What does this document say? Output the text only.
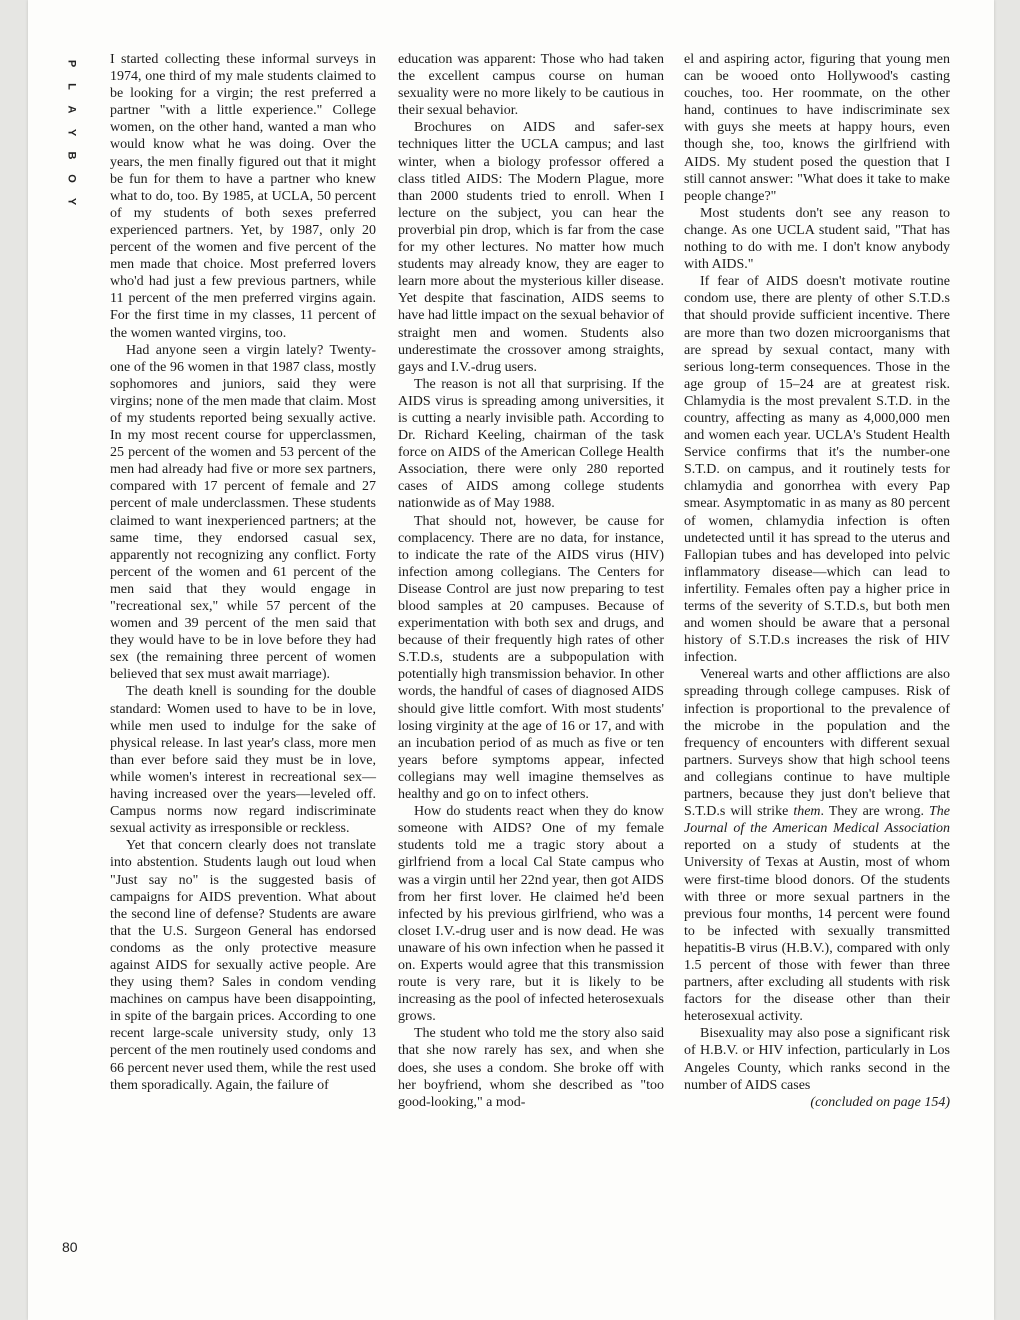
P
L
A
Y
B
O
Y

I started collecting these informal surveys in 1974, one third of my male students claimed to be looking for a virgin; the rest preferred a partner "with a little experience." College women, on the other hand, wanted a man who would know what he was doing. Over the years, the men finally figured out that it might be fun for them to have a partner who knew what to do, too. By 1985, at UCLA, 50 percent of my students of both sexes preferred experienced partners. Yet, by 1987, only 20 percent of the women and five percent of the men made that choice. Most preferred lovers who'd had just a few previous partners, while 11 percent of the men preferred virgins again. For the first time in my classes, 11 percent of the women wanted virgins, too.

Had anyone seen a virgin lately? Twenty-one of the 96 women in that 1987 class, mostly sophomores and juniors, said they were virgins; none of the men made that claim. Most of my students reported being sexually active. In my most recent course for upperclassmen, 25 percent of the women and 53 percent of the men had already had five or more sex partners, compared with 17 percent of female and 27 percent of male underclassmen. These students claimed to want inexperienced partners; at the same time, they endorsed casual sex, apparently not recognizing any conflict. Forty percent of the women and 61 percent of the men said that they would engage in "recreational sex," while 57 percent of the women and 39 percent of the men said that they would have to be in love before they had sex (the remaining three percent of women believed that sex must await marriage).

The death knell is sounding for the double standard: Women used to have to be in love, while men used to indulge for the sake of physical release. In last year's class, more men than ever before said they must be in love, while women's interest in recreational sex—having increased over the years—leveled off. Campus norms now regard indiscriminate sexual activity as irresponsible or reckless.

Yet that concern clearly does not translate into abstention. Students laugh out loud when "Just say no" is the suggested basis of campaigns for AIDS prevention. What about the second line of defense? Students are aware that the U.S. Surgeon General has endorsed condoms as the only protective measure against AIDS for sexually active people. Are they using them? Sales in condom vending machines on campus have been disappointing, in spite of the bargain prices. According to one recent large-scale university study, only 13 percent of the men routinely used condoms and 66 percent never used them, while the rest used them sporadically. Again, the failure of

education was apparent: Those who had taken the excellent campus course on human sexuality were no more likely to be cautious in their sexual behavior.

Brochures on AIDS and safer-sex techniques litter the UCLA campus; and last winter, when a biology professor offered a class titled AIDS: The Modern Plague, more than 2000 students tried to enroll. When I lecture on the subject, you can hear the proverbial pin drop, which is far from the case for my other lectures. No matter how much students may already know, they are eager to learn more about the mysterious killer disease. Yet despite that fascination, AIDS seems to have had little impact on the sexual behavior of straight men and women. Students also underestimate the crossover among straights, gays and I.V.-drug users.

The reason is not all that surprising. If the AIDS virus is spreading among universities, it is cutting a nearly invisible path. According to Dr. Richard Keeling, chairman of the task force on AIDS of the American College Health Association, there were only 280 reported cases of AIDS among college students nationwide as of May 1988.

That should not, however, be cause for complacency. There are no data, for instance, to indicate the rate of the AIDS virus (HIV) infection among collegians. The Centers for Disease Control are just now preparing to test blood samples at 20 campuses. Because of experimentation with both sex and drugs, and because of their frequently high rates of other S.T.D.s, students are a subpopulation with potentially high transmission behavior. In other words, the handful of cases of diagnosed AIDS should give little comfort. With most students' losing virginity at the age of 16 or 17, and with an incubation period of as much as five or ten years before symptoms appear, infected collegians may well imagine themselves as healthy and go on to infect others.

How do students react when they do know someone with AIDS? One of my female students told me a tragic story about a girlfriend from a local Cal State campus who was a virgin until her 22nd year, then got AIDS from her first lover. He claimed he'd been infected by his previous girlfriend, who was a closet I.V.-drug user and is now dead. He was unaware of his own infection when he passed it on. Experts would agree that this transmission route is very rare, but it is likely to be increasing as the pool of infected heterosexuals grows.

The student who told me the story also said that she now rarely has sex, and when she does, she uses a condom. She broke off with her boyfriend, whom she described as "too good-looking," a mod-

el and aspiring actor, figuring that young men can be wooed onto Hollywood's casting couches, too. Her roommate, on the other hand, continues to have indiscriminate sex with guys she meets at happy hours, even though she, too, knows the girlfriend with AIDS. My student posed the question that I still cannot answer: "What does it take to make people change?"

Most students don't see any reason to change. As one UCLA student said, "That has nothing to do with me. I don't know anybody with AIDS."

If fear of AIDS doesn't motivate routine condom use, there are plenty of other S.T.D.s that should provide sufficient incentive. There are more than two dozen microorganisms that are spread by sexual contact, many with serious long-term consequences. Those in the age group of 15–24 are at greatest risk. Chlamydia is the most prevalent S.T.D. in the country, affecting as many as 4,000,000 men and women each year. UCLA's Student Health Service confirms that it's the number-one S.T.D. on campus, and it routinely tests for chlamydia and gonorrhea with every Pap smear. Asymptomatic in as many as 80 percent of women, chlamydia infection is often undetected until it has spread to the uterus and Fallopian tubes and has developed into pelvic inflammatory disease—which can lead to infertility. Females often pay a higher price in terms of the severity of S.T.D.s, but both men and women should be aware that a personal history of S.T.D.s increases the risk of HIV infection.

Venereal warts and other afflictions are also spreading through college campuses. Risk of infection is proportional to the prevalence of the microbe in the population and the frequency of encounters with different sexual partners. Surveys show that high school teens and collegians continue to have multiple partners, because they just don't believe that S.T.D.s will strike them. They are wrong. The Journal of the American Medical Association reported on a study of students at the University of Texas at Austin, most of whom were first-time blood donors. Of the students with three or more sexual partners in the previous four months, 14 percent were found to be infected with sexually transmitted hepatitis-B virus (H.B.V.), compared with only 1.5 percent of those with fewer than three partners, after excluding all students with risk factors for the disease other than their heterosexual activity.

Bisexuality may also pose a significant risk of H.B.V. or HIV infection, particularly in Los Angeles County, which ranks second in the number of AIDS cases

(concluded on page 154)

80
